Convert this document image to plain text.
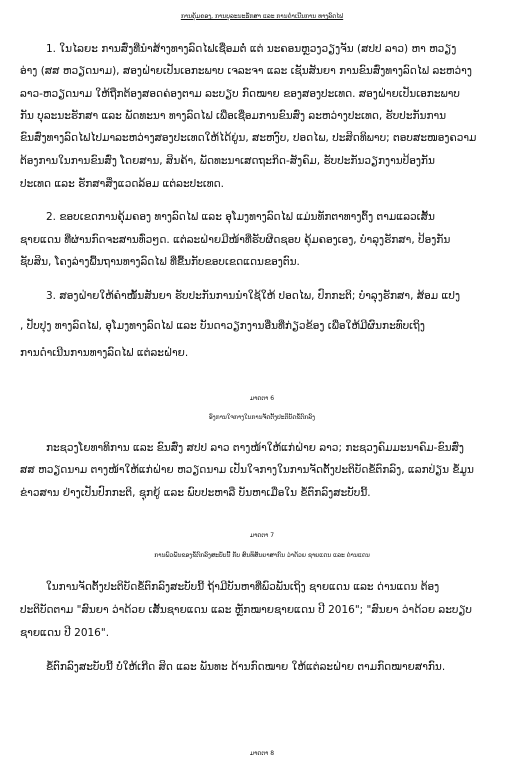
ການຄຸ້ມຄອງ, ການບຸລະນະຮັກສາ ແລະ ການດຳເນີນການ ທາງລົດໄຟ
1. ໃນໄລຍະ ການສົ່ງທີ່ນຳສ້າງທາງລົດໄຟເຊື່ອມຕໍ່ ແຕ່ ນະຄອນຫຼວງວຽງຈັນ (ສປປ ລາວ) ຫາ ຫວຽງ
ອ່າງ (ສສ ຫວຽດນາມ), ສອງຝ່າຍເປັນເອກະພາບ ເຈລະຈາ ແລະ ເຊັນສັນຍາ ການຂົນສົ່ງທາງລົດໄຟ ລະຫວ່າງ
ລາວ-ຫວຽດນາມ ໃຫ້ຖືກຕ້ອງສອດຄ່ອງຕາມ ລະບຽບ ກົດໝາຍ ຂອງສອງປະເທດ. ສອງຝ່າຍເປັນເອກະພາບ
ກັນ ບຸລະນະຮັກສາ ແລະ ພັດທະນາ ທາງລົດໄຟ ເພື່ອເຊື່ອມການຂົນສົ່ງ ລະຫວ່າງປະເທດ, ຮັບປະກັນການ
ຂົນສົ່ງທາງລົດໄຟໄປມາລະຫວ່າງສອງປະເທດໃຫ້ໄດ້ຍູ່ນ, ສະຫງົບ, ປອດໄພ, ປະສິດທິພາບ; ຕອບສະໜອງຄວາມ
ຕ້ອງການໃນການຂົນສົ່ງ ໂດຍສານ, ສິນຄ້າ, ພັດທະນາເສດຖະກິດ-ສັງຄົມ, ຮັບປະກັນວຽກງານປ້ອງກັນ
ປະເທດ ແລະ ຮັກສາສິ່ງແວດລ້ອມ ແຕ່ລະປະເທດ.
2. ຂອບເຂດການຄຸ້ມຄອງ ທາງລົດໄຟ ແລະ ອຸໂມງທາງລົດໄຟ ແມ່ນທັກຕາທາງຕົ້ງ ຕາມແລວເສັ້ນ
ຊາຍແດນ ທີ່ຜ່ານກົດຈະສານທົ່ວໆດ. ແຕ່ລະຝ່າຍມີໜ້າທີ່ຮັບຜິດຊອບ ຄຸ້ມຄອງເອງ, ບຳລຸງຮັກສາ, ປ້ອງກັນ
ຊັບສິນ, ໂຄງລ່າງພື້ນຖານທາງລົດໄຟ ທີ່ຂື້ນກັບຂອບເຂດແດນຂອງຕົນ.
3. ສອງຝ່າຍໃຫ້ຄຳໜັ້ນສັນຍາ ຮັບປະກັນການນຳໃຊ້ໃຫ້ ປອດໄພ, ປົກກະຕິ; ບຳລຸງຮັກສາ, ສ້ອມ ແປງ
, ປັບປຸງ ທາງລົດໄຟ, ອຸໂມງທາງລົດໄຟ ແລະ ບັນດາວຽກງານອື່ນທີ່ກ່ຽວຂ້ອງ ເພື່ອໃຫ້ມີຜົນກະທົບເຖິງ
ການດຳເນີນການທາງລົດໄຟ ແຕ່ລະຝ່າຍ.
ມາດຕາ 6
ອົງການໃຈກາງໃນການຈັດຕັ້ງປະຕິບັດຂໍ້ຕົກລົງ
ກະຊວງໂຍທາທິການ ແລະ ຂົນສົ່ງ ສປປ ລາວ ຕາງໜ້າໃຫ້ແກ່ຝ່າຍ ລາວ; ກະຊວງຄົມມະນາຄົມ-ຂົນສົ່ງ
ສສ ຫວຽດນາມ ຕາງໜ້າໃຫ້ແກ່ຝ່າຍ ຫວຽດນາມ ເປັນໃຈກາງໃນການຈັດຕັ້ງປະຕິບັດຂໍ້ຕົກລົງ, ແລກປ່ຽນ ຂໍ້ມູນ
ຂ່າວສານ ຢ່າງເປັນປົກກະຕິ, ຊຸກຍູ້ ແລະ ພົບປະຫາລື ບັນຫາເມື່ອໃນ ຂໍ້ຕົກລົງສະບັບນີ້.
ມາດຕາ 7
ການພົວພັນຂອງຂໍ້ຕົກລົງສະບັບນີ້ ກັບ ສົນທິສັນຍາສາກົນ ວ່າດ້ວຍ ຊາຍແດນ ແລະ ດ່ານແດນ
ໃນການຈັດຕັ້ງປະຕິບັດຂໍ້ຕົກລົງສະບັບນີ້ ຖ້າມີບັນຫາທີ່ພົວພັນເຖິງ ຊາຍແດນ ແລະ ດ່ານແດນ ຕ້ອງ
ປະຕິບັດຕາມ "ສົນຍາ ວ່າດ້ວຍ ເສັ້ນຊາຍແດນ ແລະ ຫຼັກໝາຍຊາຍແດນ ປີ 2016"; "ສົນຍາ ວ່າດ້ວຍ ລະບຽບ
ຊາຍແດນ ປີ 2016".
ຂໍ້ຕົກລົງສະບັບນີ້ ບໍ່ໃຫ້ເກີດ ສິດ ແລະ ພັນທະ ດ້ານກົດໝາຍ ໃຫ້ແຕ່ລະຝ່າຍ ຕາມກົດໝາຍສາກົນ.
ມາດຕາ 8
